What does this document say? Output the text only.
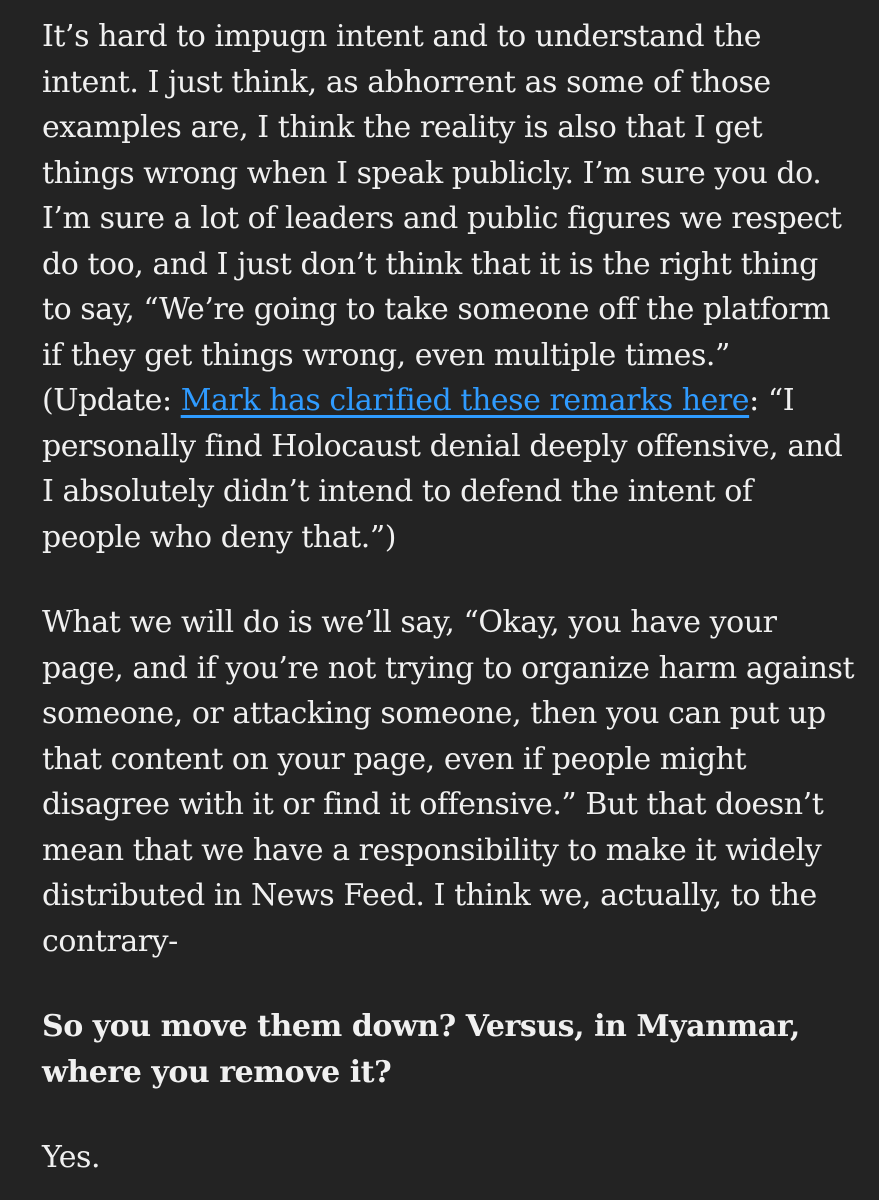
It’s hard to impugn intent and to understand the
intent. I just think, as abhorrent as some of those
examples are, I think the reality is also that I get
things wrong when I speak publicly. I’m sure you do.
I’m sure a lot of leaders and public figures we respect
do too, and I just don’t think that it is the right thing
to say, “We’re going to take someone off the platform
if they get things wrong, even multiple times.”
(Update: Mark has clarified these remarks here: “I
personally find Holocaust denial deeply offensive, and
I absolutely didn’t intend to defend the intent of
people who deny that.”)

What we will do is we’ll say, “Okay, you have your
page, and if you’re not trying to organize harm against
someone, or attacking someone, then you can put up
that content on your page, even if people might
disagree with it or find it offensive.” But that doesn’t
mean that we have a responsibility to make it widely
distributed in News Feed. I think we, actually, to the
contrary-

So you move them down? Versus, in Myanmar,
where you remove it?

Yes.
